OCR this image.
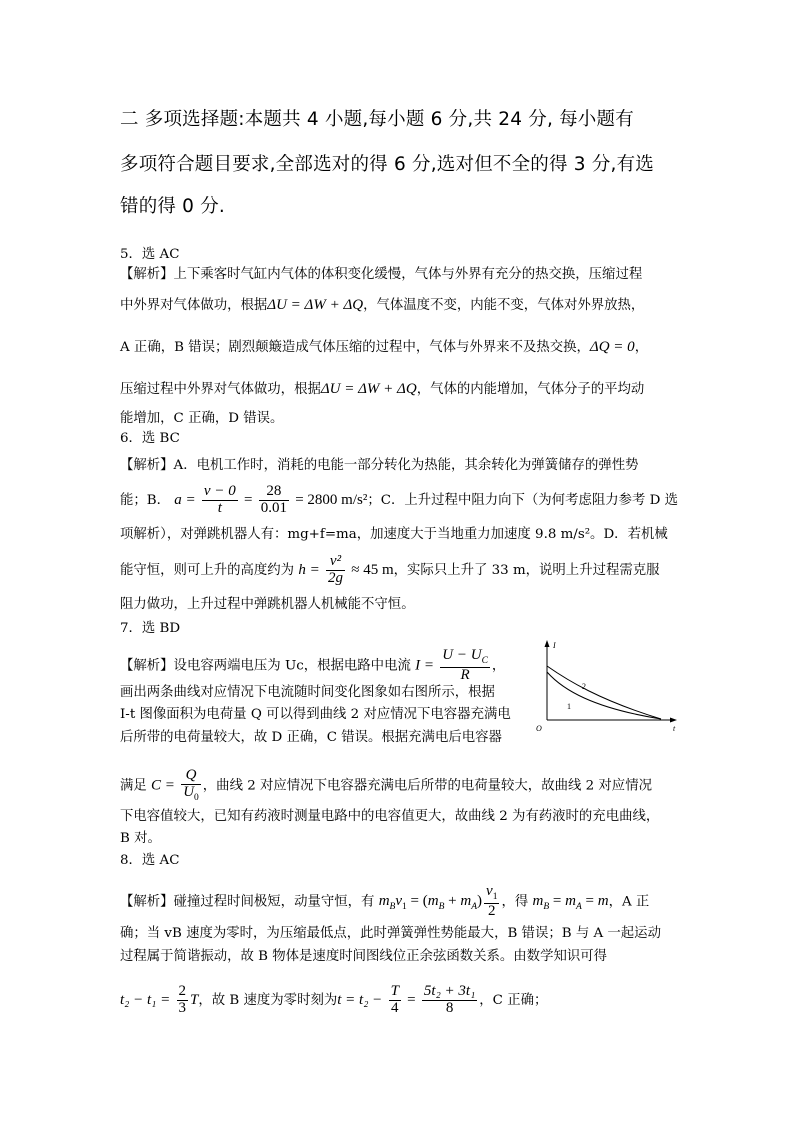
二 多项选择题:本题共 4 小题,每小题 6 分,共 24 分, 每小题有
多项符合题目要求,全部选对的得 6 分,选对但不全的得 3 分,有选
错的得 0 分.
5．选 AC
【解析】上下乘客时气缸内气体的体积变化缓慢，气体与外界有充分的热交换，压缩过程
中外界对气体做功，根据ΔU = ΔW + ΔQ，气体温度不变，内能不变，气体对外界放热，
A 正确，B 错误；剧烈颠簸造成气体压缩的过程中，气体与外界来不及热交换，ΔQ = 0，
压缩过程中外界对气体做功，根据ΔU = ΔW + ΔQ，气体的内能增加，气体分子的平均动
能增加，C 正确，D 错误。
6．选 BC
【解析】A．电机工作时，消耗的电能一部分转化为热能，其余转化为弹簧储存的弹性势
能；B． $a = \frac{v - 0}{t} = \frac{28}{0.01} = 2800$ m/s²；C．上升过程中阻力向下（为何考虑阻力参考 D 选
项解析），对弹跳机器人有：mg+f=ma，加速度大于当地重力加速度 9.8 m/s²。D．若机械
能守恒，则可上升的高度约为 $h = \frac{\text{v²}}{2g} \approx 45$ m，实际只上升了 33 m，说明上升过程需克服
阻力做功，上升过程中弹跳机器人机械能不守恒。
7．选 BD
【解析】设电容两端电压为 Uc，根据电路中电流 $I = \frac{U - U_C}{R}$ ，
画出两条曲线对应情况下电流随时间变化图象如右图所示，根据
I-t 图像面积为电荷量 Q 可以得到曲线 2 对应情况下电容器充满电
后所带的电荷量较大，故 D 正确，C 错误。根据充满电后电容器
满足 $C = \frac{Q}{U_0}$ ，曲线 2 对应情况下电容器充满电后所带的电荷量较大，故曲线 2 对应情况
下电容值较大，已知有药液时测量电路中的电容值更大，故曲线 2 为有药液时的充电曲线，
B 对。
I
t
O
1
2
8．选 AC
【解析】碰撞过程时间极短，动量守恒，有 $m_Bv_1 = (m_B + m_A) \frac{v_1}{2}$ ，得 $m_B = m_A = m$，A 正
确；当 vB 速度为零时，为压缩最低点，此时弹簧弹性势能最大，B 错误；B 与 A 一起运动
过程属于简谐振动，故 B 物体是速度时间图线位正余弦函数关系。由数学知识可得
$t_2 - t_1 = \frac{2}{3}$ T，故 B 速度为零时刻为$t = t_2 - \frac{T}{4} = \frac{\text{5t₂ + 3t₁}}{8}$ ，C 正确；
